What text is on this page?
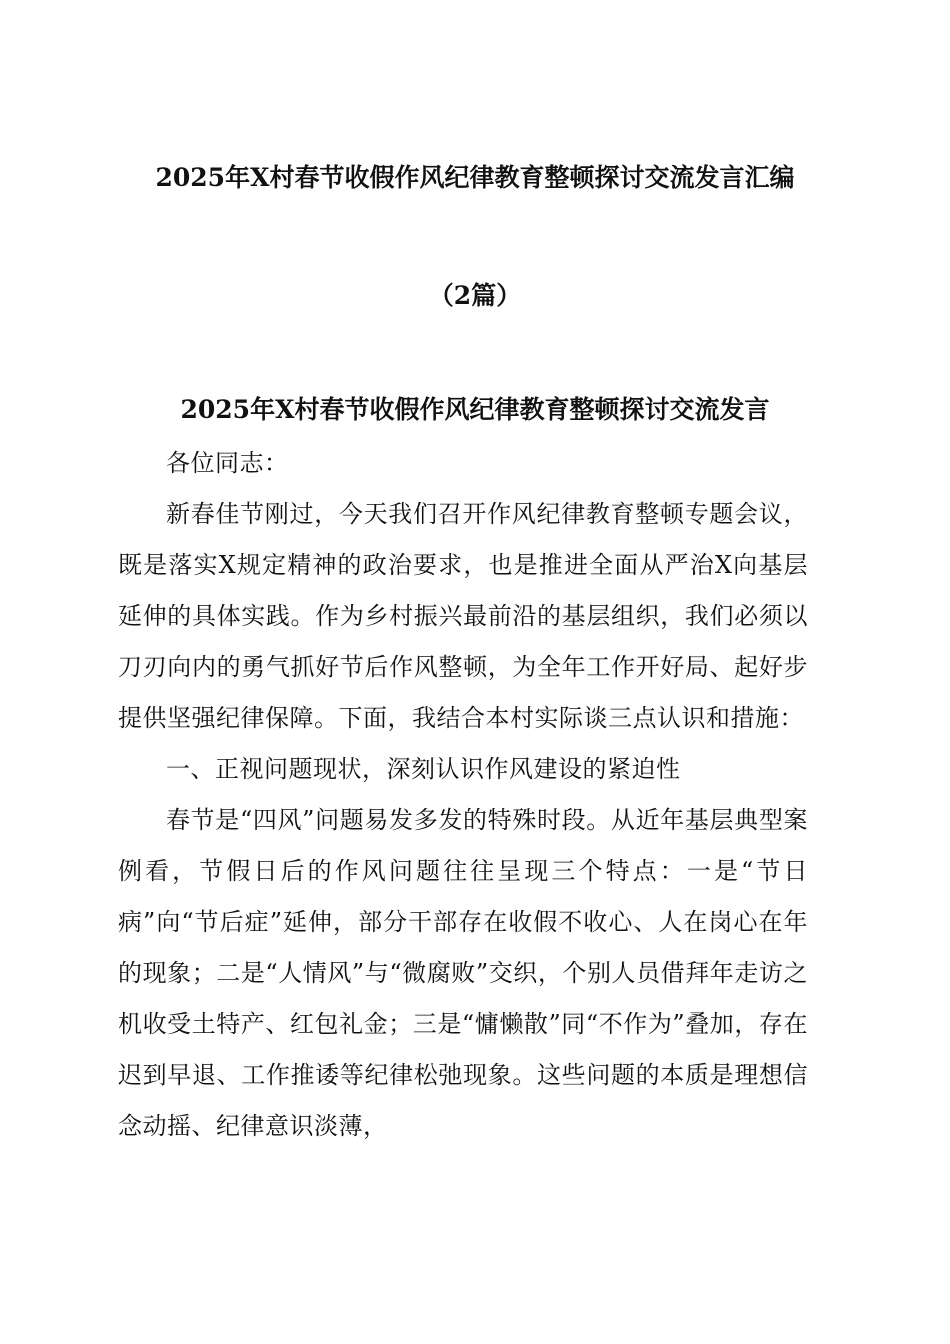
2025年X村春节收假作风纪律教育整顿探讨交流发言汇编
（2篇）
2025年X村春节收假作风纪律教育整顿探讨交流发言

各位同志：

新春佳节刚过，今天我们召开作风纪律教育整顿专题会议，既是落实X规定精神的政治要求，也是推进全面从严治X向基层延伸的具体实践。作为乡村振兴最前沿的基层组织，我们必须以刀刃向内的勇气抓好节后作风整顿，为全年工作开好局、起好步提供坚强纪律保障。下面，我结合本村实际谈三点认识和措施：

一、正视问题现状，深刻认识作风建设的紧迫性

春节是“四风”问题易发多发的特殊时段。从近年基层典型案例看，节假日后的作风问题往往呈现三个特点：一是“节日病”向“节后症”延伸，部分干部存在收假不收心、人在岗心在年的现象；二是“人情风”与“微腐败”交织，个别人员借拜年走访之机收受土特产、红包礼金；三是“慵懒散”同“不作为”叠加，存在迟到早退、工作推诿等纪律松弛现象。这些问题的本质是理想信念动摇、纪律意识淡薄，
